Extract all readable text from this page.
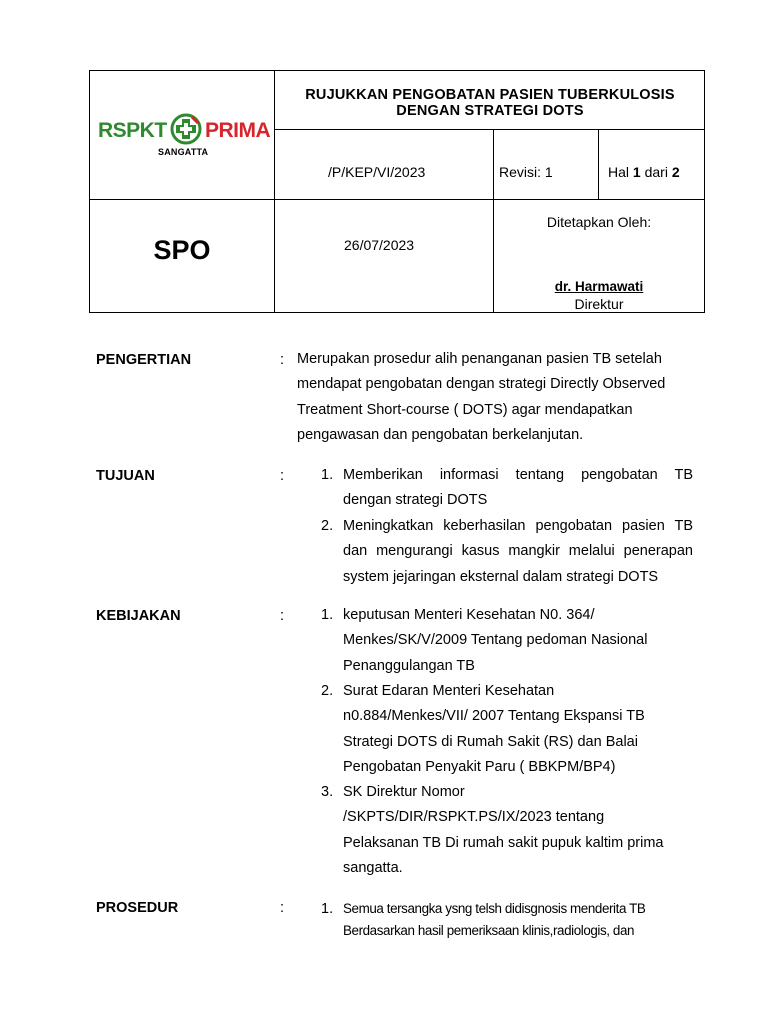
RSPKT PRIMA
SANGATTA
RUJUKKAN PENGOBATAN PASIEN TUBERKULOSIS
DENGAN STRATEGI DOTS
/P/KEP/VI/2023	Revisi: 1	Hal 1 dari 2
SPO	26/07/2023
Ditetapkan Oleh:
dr. Harmawati
Direktur
PENGERTIAN	: Merupakan prosedur alih penanganan pasien TB setelah
mendapat pengobatan dengan strategi Directly Observed
Treatment Short-course ( DOTS) agar mendapatkan
pengawasan dan pengobatan berkelanjutan.
TUJUAN	:	1. Memberikan informasi tentang pengobatan TB
dengan strategi DOTS
2. Meningkatkan keberhasilan pengobatan pasien TB
dan mengurangi kasus mangkir melalui penerapan
system jejaringan eksternal dalam strategi DOTS
KEBIJAKAN	:	1. keputusan Menteri Kesehatan N0. 364/
Menkes/SK/V/2009 Tentang pedoman Nasional
Penanggulangan TB
2. Surat Edaran Menteri Kesehatan
n0.884/Menkes/VII/ 2007 Tentang Ekspansi TB
Strategi DOTS di Rumah Sakit (RS) dan Balai
Pengobatan Penyakit Paru ( BBKPM/BP4)
3. SK Direktur Nomor
/SKPTS/DIR/RSPKT.PS/IX/2023 tentang
Pelaksanan TB Di rumah sakit pupuk kaltim prima
sangatta.
PROSEDUR	:	1. Semua tersangka ysng telsh didisgnosis menderita TB
Berdasarkan hasil pemeriksaan klinis,radiologis, dan
